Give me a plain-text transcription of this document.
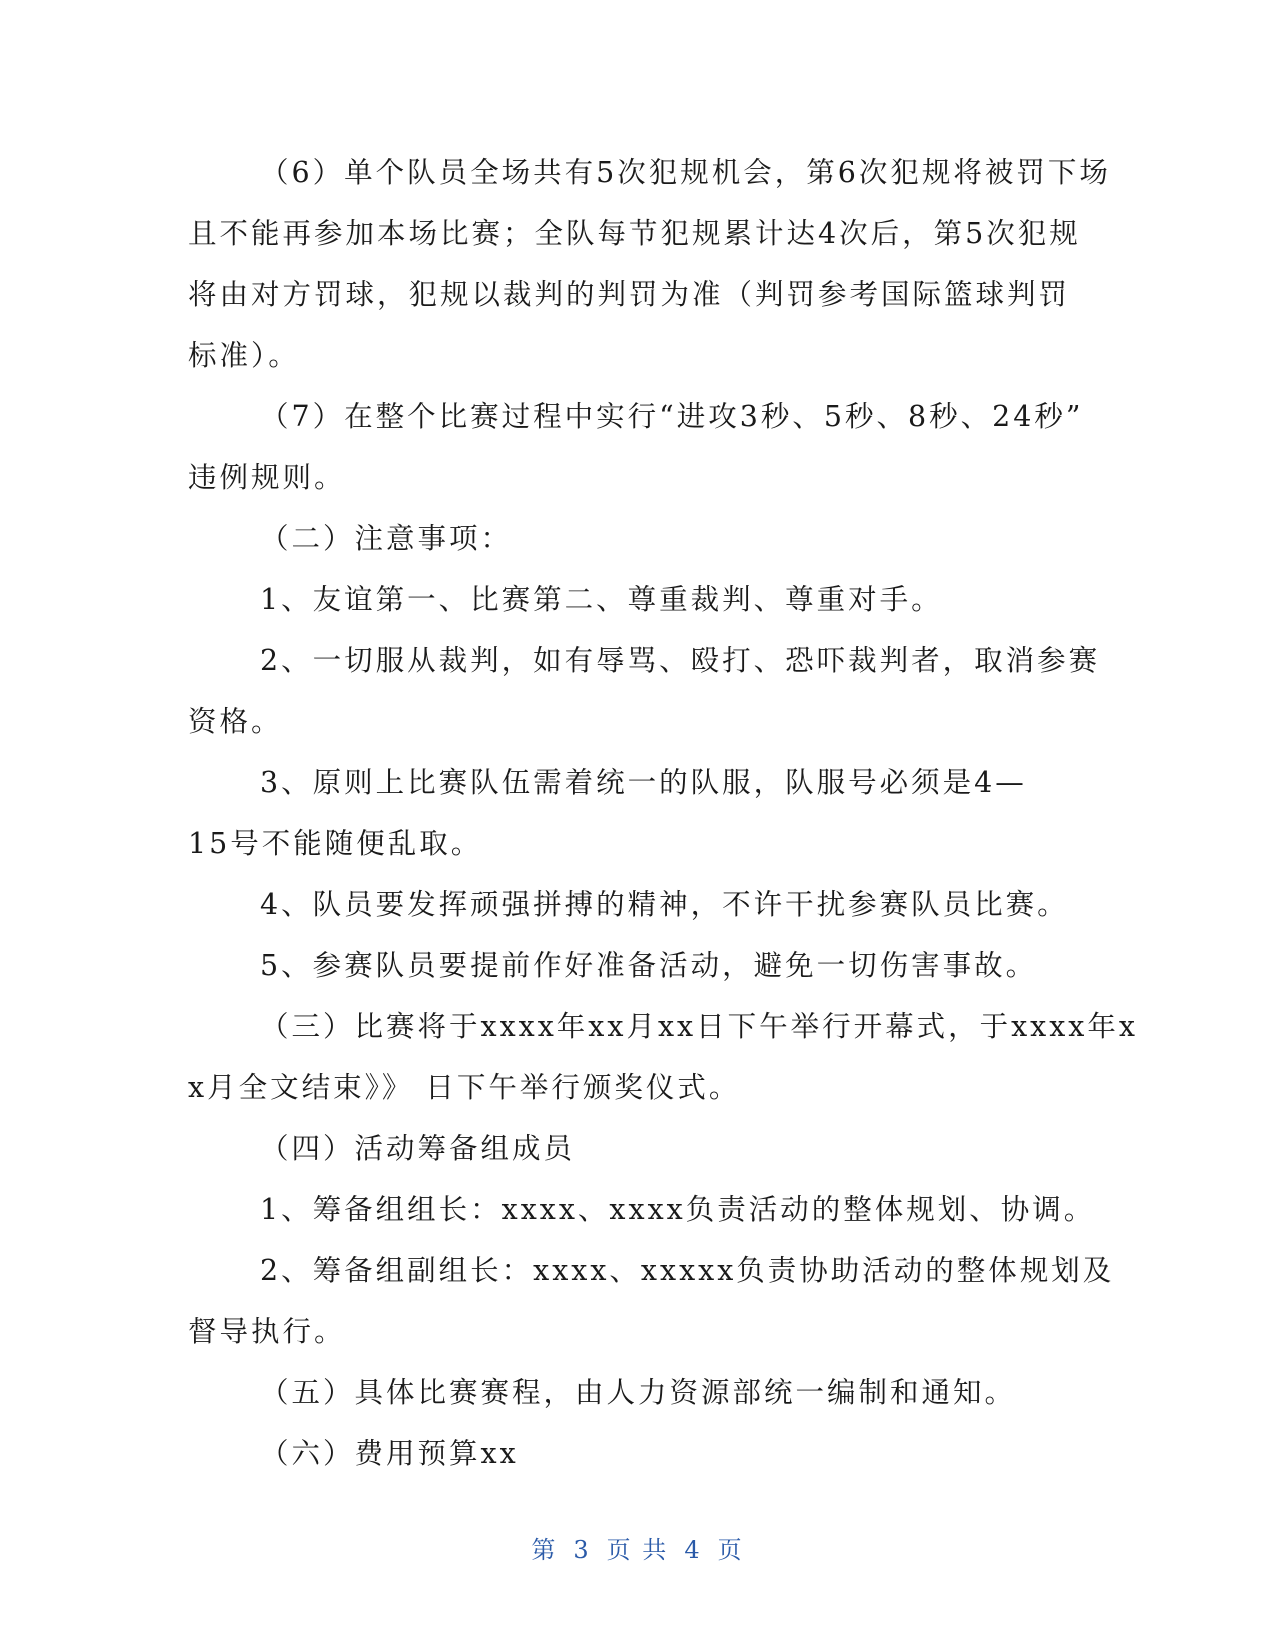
（6）单个队员全场共有5次犯规机会，第6次犯规将被罚下场
且不能再参加本场比赛；全队每节犯规累计达4次后，第5次犯规
将由对方罚球，犯规以裁判的判罚为准（判罚参考国际篮球判罚
标准）。
（7）在整个比赛过程中实行“进攻3秒、5秒、8秒、24秒”
违例规则。
（二）注意事项：
1、友谊第一、比赛第二、尊重裁判、尊重对手。
2、一切服从裁判，如有辱骂、殴打、恐吓裁判者，取消参赛
资格。
3、原则上比赛队伍需着统一的队服，队服号必须是4—
15号不能随便乱取。
4、队员要发挥顽强拼搏的精神，不许干扰参赛队员比赛。
5、参赛队员要提前作好准备活动，避免一切伤害事故。
（三）比赛将于xxxx年xx月xx日下午举行开幕式，于xxxx年x
x月全文结束》》 日下午举行颁奖仪式。
（四）活动筹备组成员
1、筹备组组长：xxxx、xxxx负责活动的整体规划、协调。
2、筹备组副组长：xxxx、xxxxx负责协助活动的整体规划及
督导执行。
（五）具体比赛赛程，由人力资源部统一编制和通知。
（六）费用预算xx
第 3 页 共 4 页
